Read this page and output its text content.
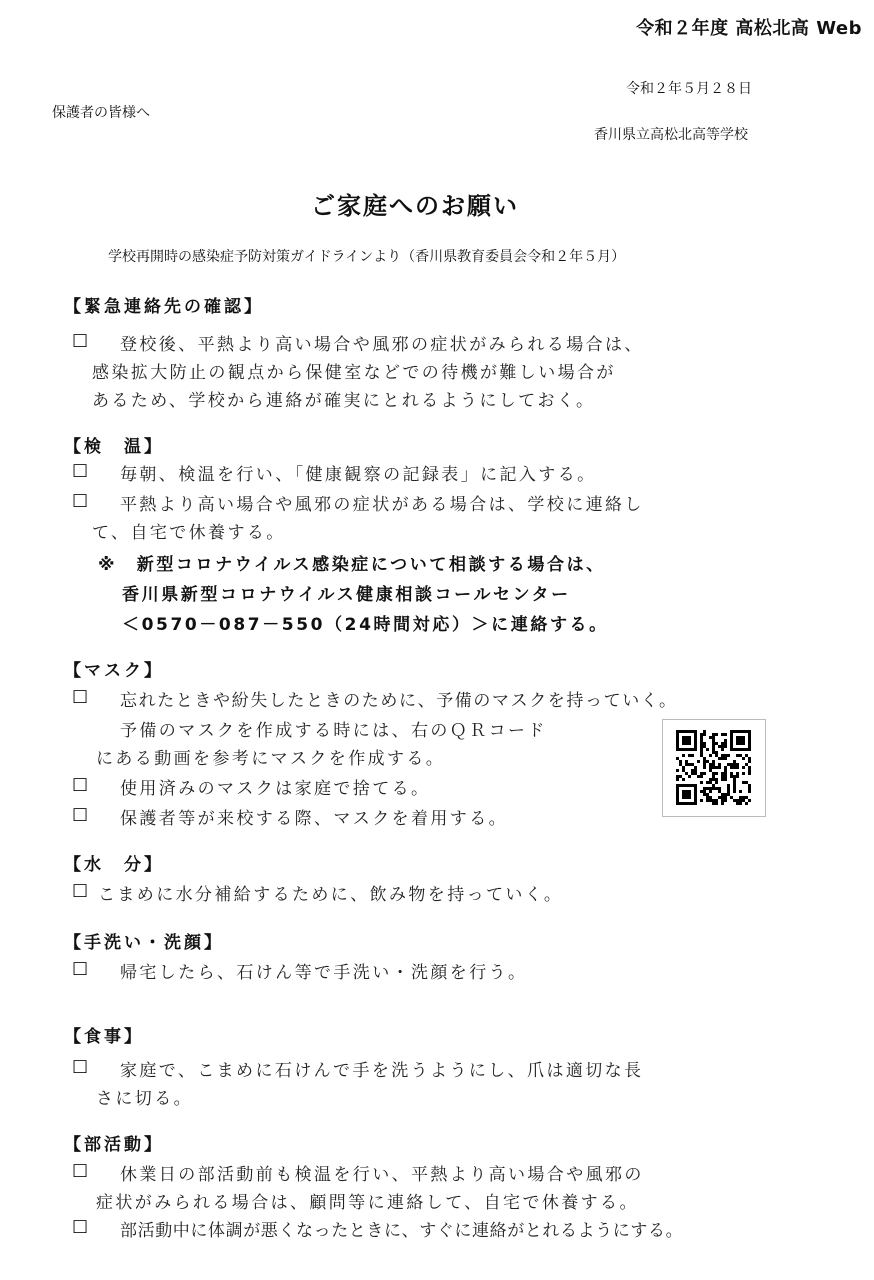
令和２年度 高松北高 Web
令和２年５月２８日
保護者の皆様へ
香川県立高松北高等学校
ご家庭へのお願い
学校再開時の感染症予防対策ガイドラインより（香川県教育委員会令和２年５月）
【緊急連絡先の確認】
□ 登校後、平熱より高い場合や風邪の症状がみられる場合は、
感染拡大防止の観点から保健室などでの待機が難しい場合が
あるため、学校から連絡が確実にとれるようにしておく。
【検　温】
□ 毎朝、検温を行い、「健康観察の記録表」に記入する。
□ 平熱より高い場合や風邪の症状がある場合は、学校に連絡し
て、自宅で休養する。
※　新型コロナウイルス感染症について相談する場合は、
香川県新型コロナウイルス健康相談コールセンター
＜0570－087－550（24時間対応）＞に連絡する。
【マスク】
□ 忘れたときや紛失したときのために、予備のマスクを持っていく。
予備のマスクを作成する時には、右のＱＲコード
にある動画を参考にマスクを作成する。
□ 使用済みのマスクは家庭で捨てる。
□ 保護者等が来校する際、マスクを着用する。
【水　分】
□ こまめに水分補給するために、飲み物を持っていく。
【手洗い・洗顔】
□ 帰宅したら、石けん等で手洗い・洗顔を行う。
【食事】
□ 家庭で、こまめに石けんで手を洗うようにし、爪は適切な長
さに切る。
【部活動】
□ 休業日の部活動前も検温を行い、平熱より高い場合や風邪の
症状がみられる場合は、顧問等に連絡して、自宅で休養する。
□ 部活動中に体調が悪くなったときに、すぐに連絡がとれるようにする。
